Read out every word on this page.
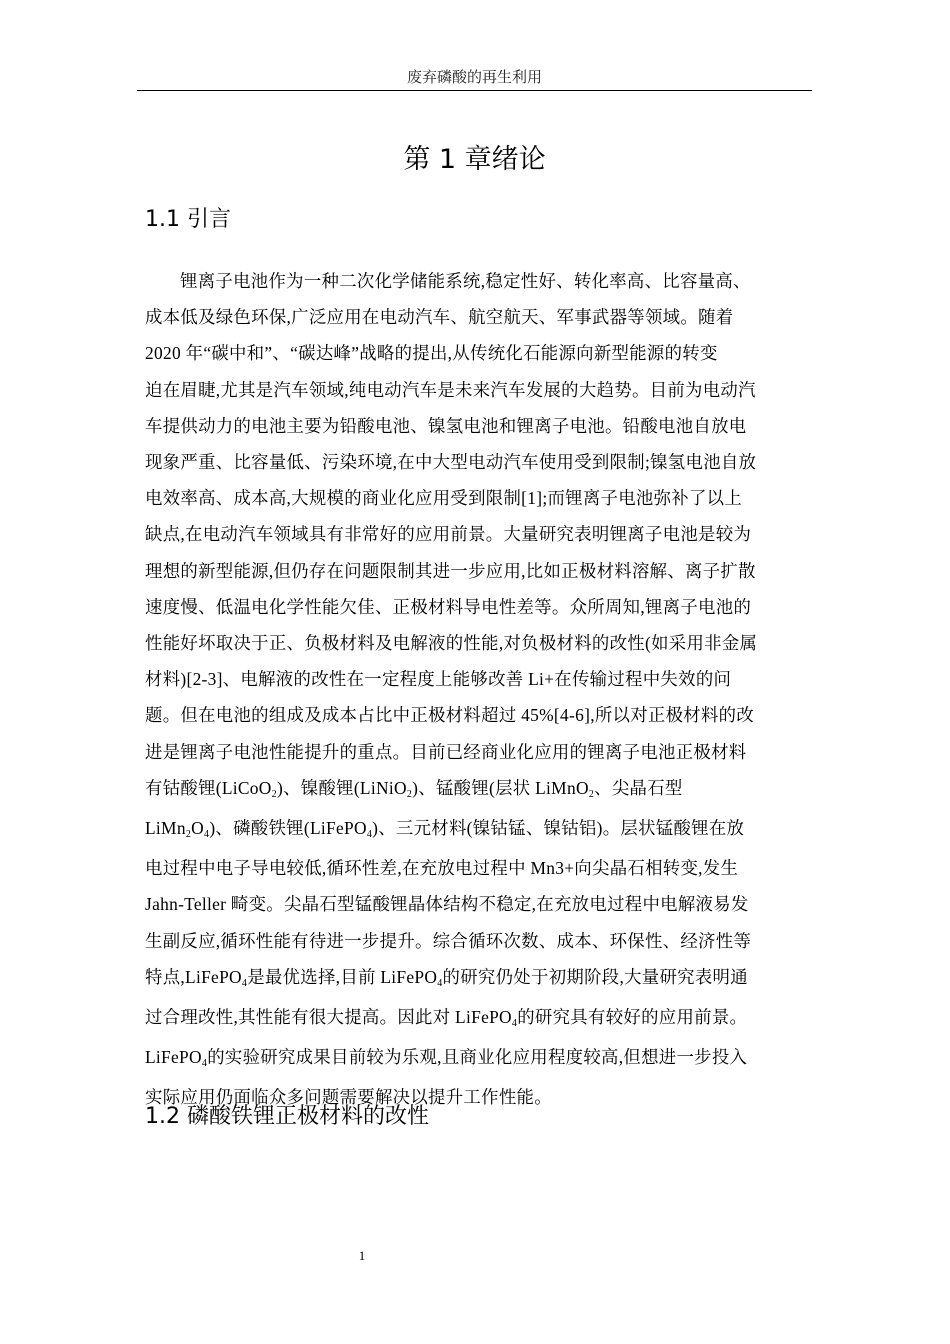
废弃磷酸的再生利用
第 1 章绪论
1.1 引言
锂离子电池作为一种二次化学储能系统,稳定性好、转化率高、比容量高、
成本低及绿色环保,广泛应用在电动汽车、航空航天、军事武器等领域。随着
2020 年“碳中和”、“碳达峰”战略的提出,从传统化石能源向新型能源的转变
迫在眉睫,尤其是汽车领域,纯电动汽车是未来汽车发展的大趋势。目前为电动汽
车提供动力的电池主要为铅酸电池、镍氢电池和锂离子电池。铅酸电池自放电
现象严重、比容量低、污染环境,在中大型电动汽车使用受到限制;镍氢电池自放
电效率高、成本高,大规模的商业化应用受到限制[1];而锂离子电池弥补了以上
缺点,在电动汽车领域具有非常好的应用前景。大量研究表明锂离子电池是较为
理想的新型能源,但仍存在问题限制其进一步应用,比如正极材料溶解、离子扩散
速度慢、低温电化学性能欠佳、正极材料导电性差等。众所周知,锂离子电池的
性能好坏取决于正、负极材料及电解液的性能,对负极材料的改性(如采用非金属
材料)[2-3]、电解液的改性在一定程度上能够改善 Li+在传输过程中失效的问
题。但在电池的组成及成本占比中正极材料超过 45%[4-6],所以对正极材料的改
进是锂离子电池性能提升的重点。目前已经商业化应用的锂离子电池正极材料
有钴酸锂(LiCoO$_2$)、镍酸锂(LiNiO$_2$)、锰酸锂(层状 LiMnO$_2$、尖晶石型
$LiMn_2O_4$)、磷酸铁锂(LiFePO$_4$)、三元材料(镍钴锰、镍钴铝)。层状锰酸锂在放
电过程中电子导电较低,循环性差,在充放电过程中 Mn3+向尖晶石相转变,发生
Jahn-Teller 畸变。尖晶石型锰酸锂晶体结构不稳定,在充放电过程中电解液易发
生副反应,循环性能有待进一步提升。综合循环次数、成本、环保性、经济性等
特点,LiFePO$_4$是最优选择,目前 LiFePO$_4$的研究仍处于初期阶段,大量研究表明通
过合理改性,其性能有很大提高。因此对 LiFePO$_4$的研究具有较好的应用前景。
LiFePO$_4$的实验研究成果目前较为乐观,且商业化应用程度较高,但想进一步投入
实际应用仍面临众多问题需要解决以提升工作性能。
1.2 磷酸铁锂正极材料的改性
1
